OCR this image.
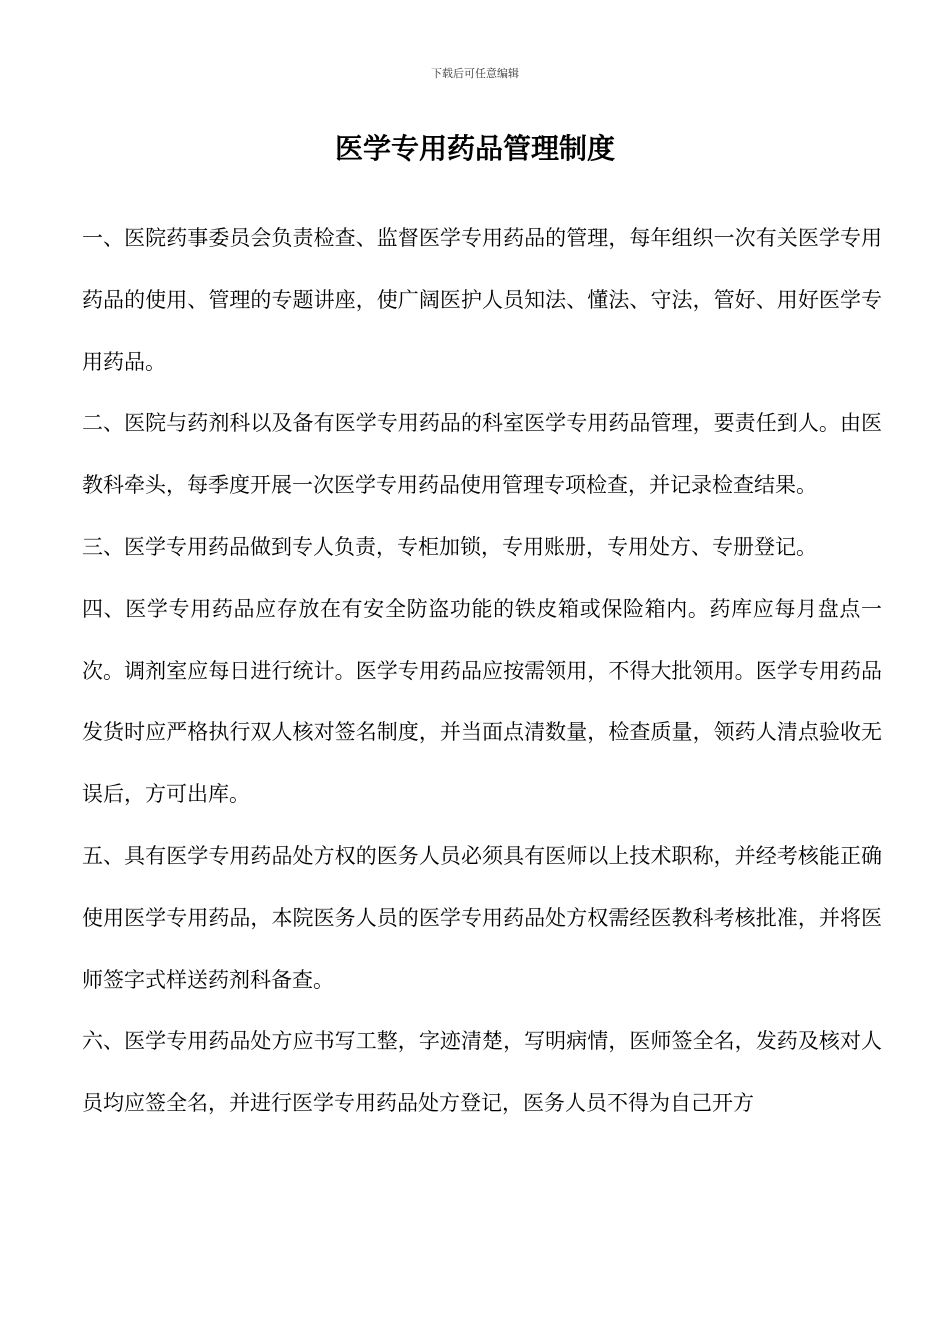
下载后可任意编辑
医学专用药品管理制度

一、医院药事委员会负责检查、监督医学专用药品的管理，每年组织一次有关医学专用药品的使用、管理的专题讲座，使广阔医护人员知法、懂法、守法，管好、用好医学专用药品。

二、医院与药剂科以及备有医学专用药品的科室医学专用药品管理，要责任到人。由医教科牵头，每季度开展一次医学专用药品使用管理专项检查，并记录检查结果。

三、医学专用药品做到专人负责，专柜加锁，专用账册，专用处方、专册登记。

四、医学专用药品应存放在有安全防盗功能的铁皮箱或保险箱内。药库应每月盘点一次。调剂室应每日进行统计。医学专用药品应按需领用，不得大批领用。医学专用药品发货时应严格执行双人核对签名制度，并当面点清数量，检查质量，领药人清点验收无误后，方可出库。

五、具有医学专用药品处方权的医务人员必须具有医师以上技术职称，并经考核能正确使用医学专用药品，本院医务人员的医学专用药品处方权需经医教科考核批准，并将医师签字式样送药剂科备查。

六、医学专用药品处方应书写工整，字迹清楚，写明病情，医师签全名，发药及核对人员均应签全名，并进行医学专用药品处方登记，医务人员不得为自己开方
